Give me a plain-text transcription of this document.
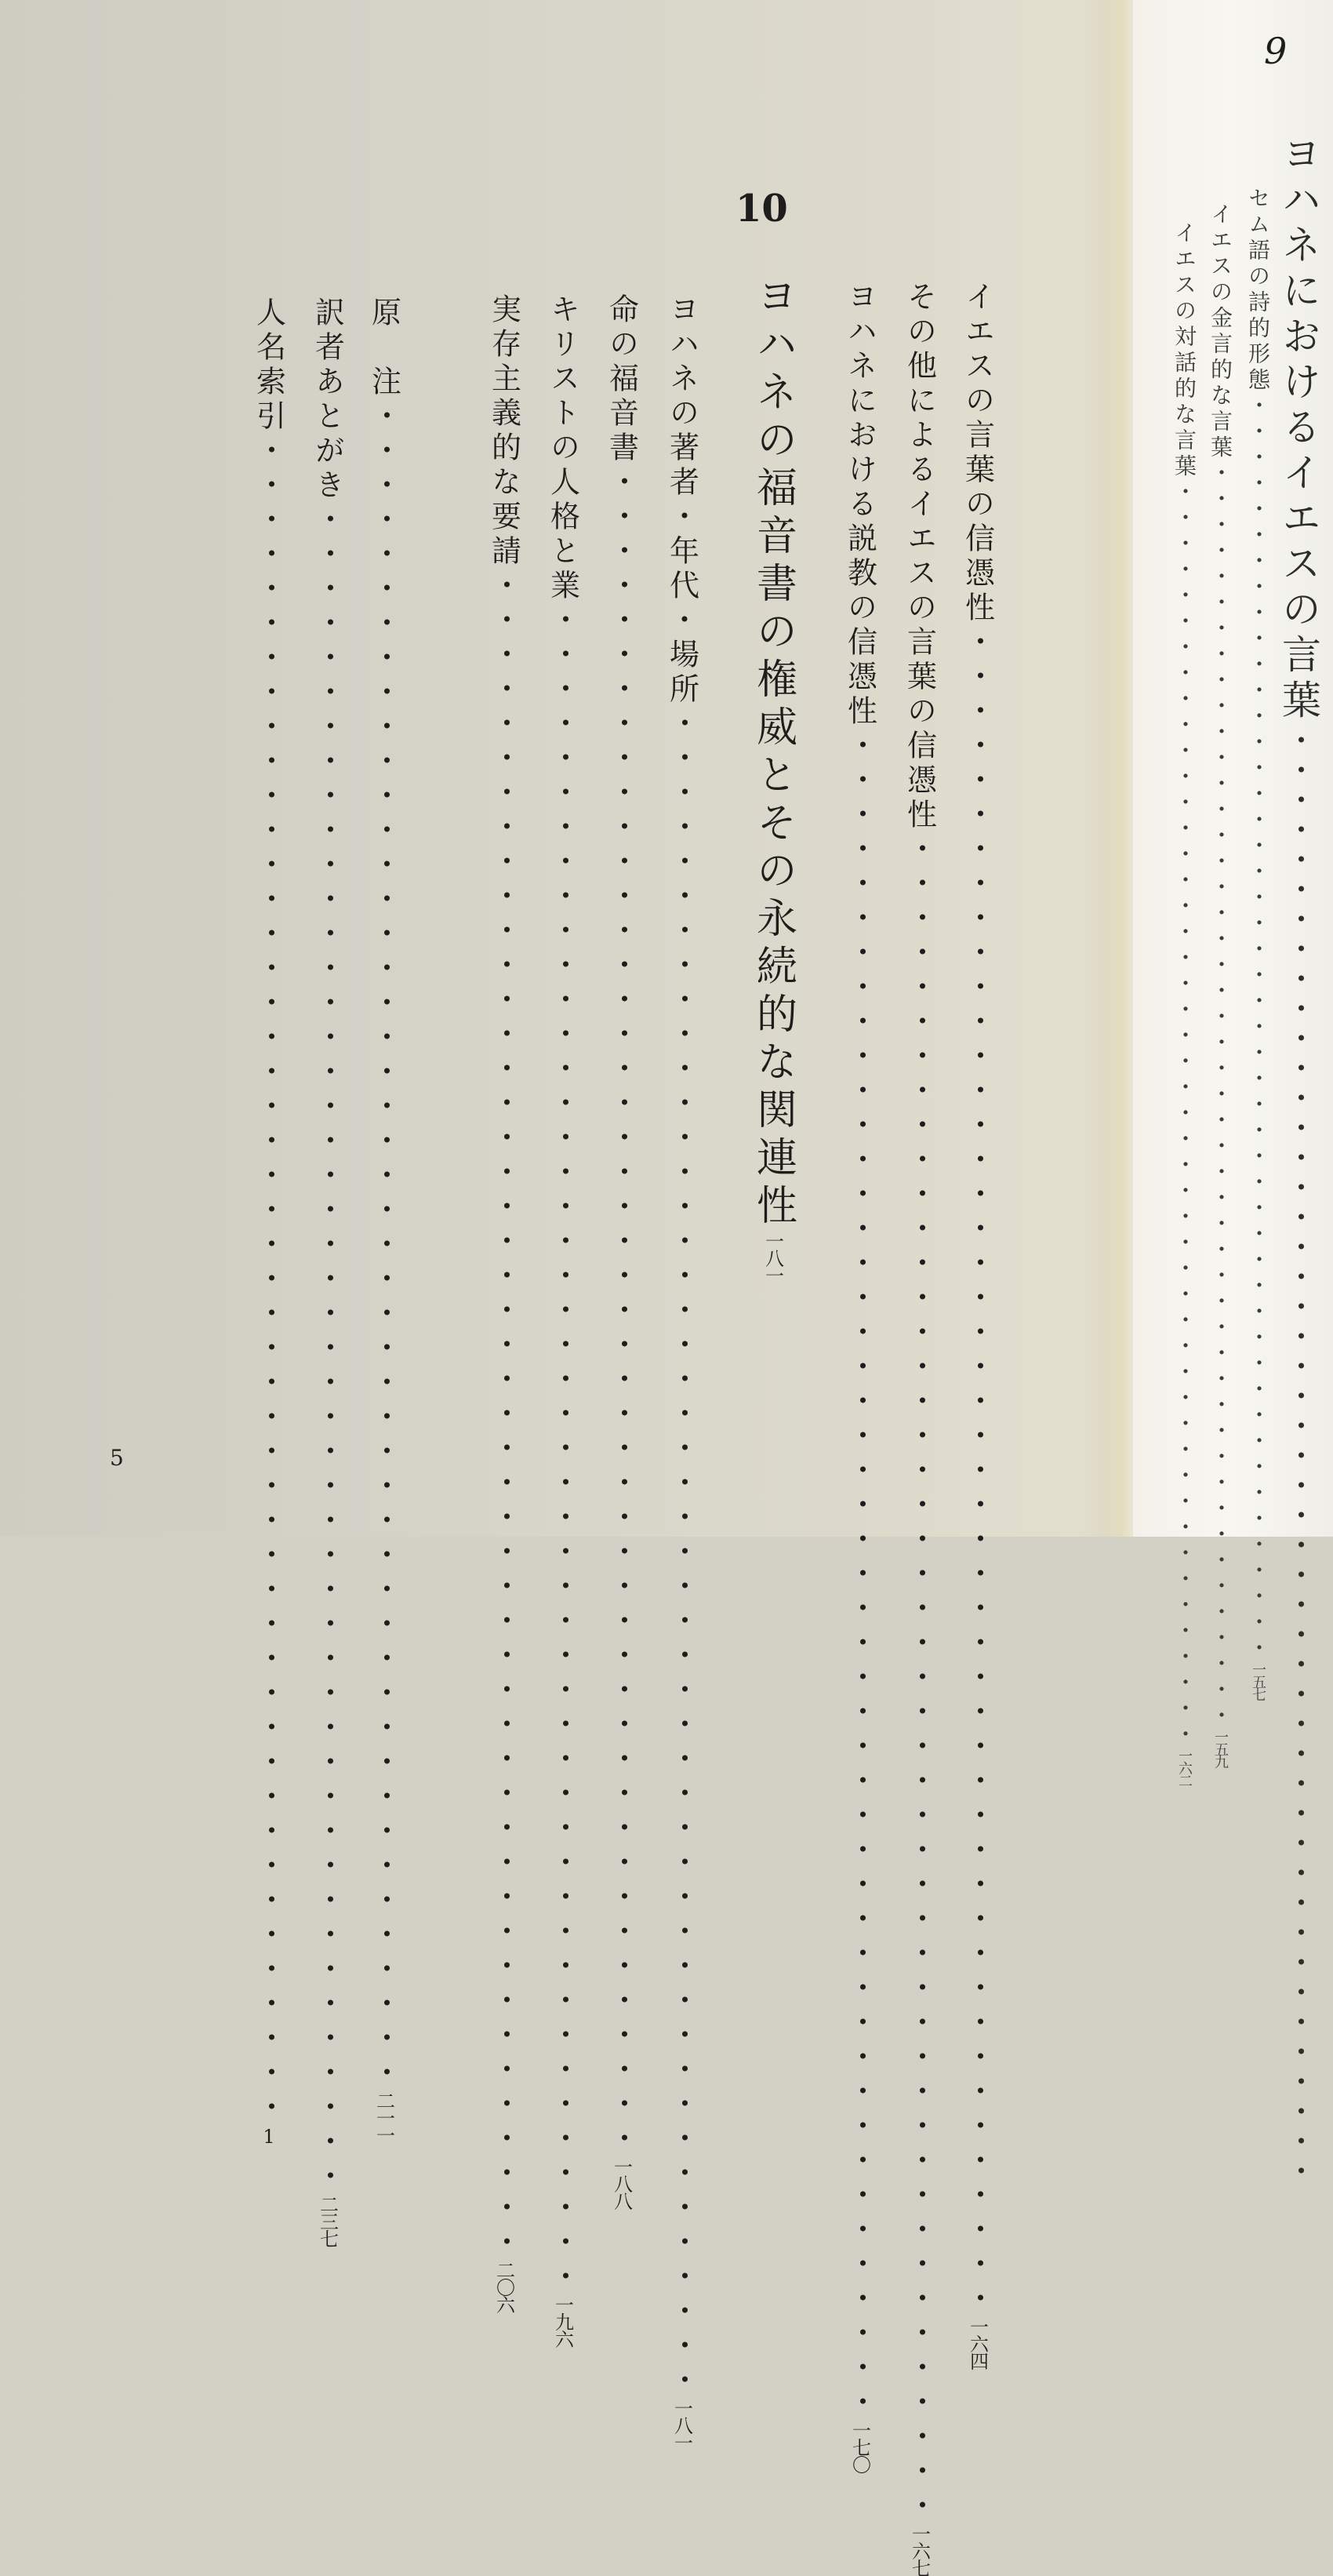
10
イエスの言葉の信憑性
・・・・・・・・・・・・・・・・・・・・・・・・・・・・・・・・・・・・・・・・・・・・・・・・・
一六四
その他によるイエスの言葉の信憑性
・・・・・・・・・・・・・・・・・・・・・・・・・・・・・・・・・・・・・・・・・・・・・・・・・
一六七
ヨハネにおける説教の信憑性
・・・・・・・・・・・・・・・・・・・・・・・・・・・・・・・・・・・・・・・・・・・・・・・・・
一七〇
ヨハネの福音書の権威とその永続的な関連性
一八一
ヨハネの著者・年代・場所
・・・・・・・・・・・・・・・・・・・・・・・・・・・・・・・・・・・・・・・・・・・・・・・・・
一八一
命の福音書
・・・・・・・・・・・・・・・・・・・・・・・・・・・・・・・・・・・・・・・・・・・・・・・・・
一八八
キリストの人格と業
・・・・・・・・・・・・・・・・・・・・・・・・・・・・・・・・・・・・・・・・・・・・・・・・・
一九六
実存主義的な要請
・・・・・・・・・・・・・・・・・・・・・・・・・・・・・・・・・・・・・・・・・・・・・・・・・
二〇六
原　注
・・・・・・・・・・・・・・・・・・・・・・・・・・・・・・・・・・・・・・・・・・・・・・・・・
二一一
訳者あとがき
・・・・・・・・・・・・・・・・・・・・・・・・・・・・・・・・・・・・・・・・・・・・・・・・・
二三七
人名索引
・・・・・・・・・・・・・・・・・・・・・・・・・・・・・・・・・・・・・・・・・・・・・・・・・
1
5
9
ヨハネにおけるイエスの言葉
・・・・・・・・・・・・・・・・・・・・・・・・・・・・・・・・・・・・・・・・・・・・・・・・・
セム語の詩的形態
・・・・・・・・・・・・・・・・・・・・・・・・・・・・・・・・・・・・・・・・・・・・・・・・・
一五七
イエスの金言的な言葉
・・・・・・・・・・・・・・・・・・・・・・・・・・・・・・・・・・・・・・・・・・・・・・・・・
一五九
イエスの対話的な言葉
・・・・・・・・・・・・・・・・・・・・・・・・・・・・・・・・・・・・・・・・・・・・・・・・・
一六二
